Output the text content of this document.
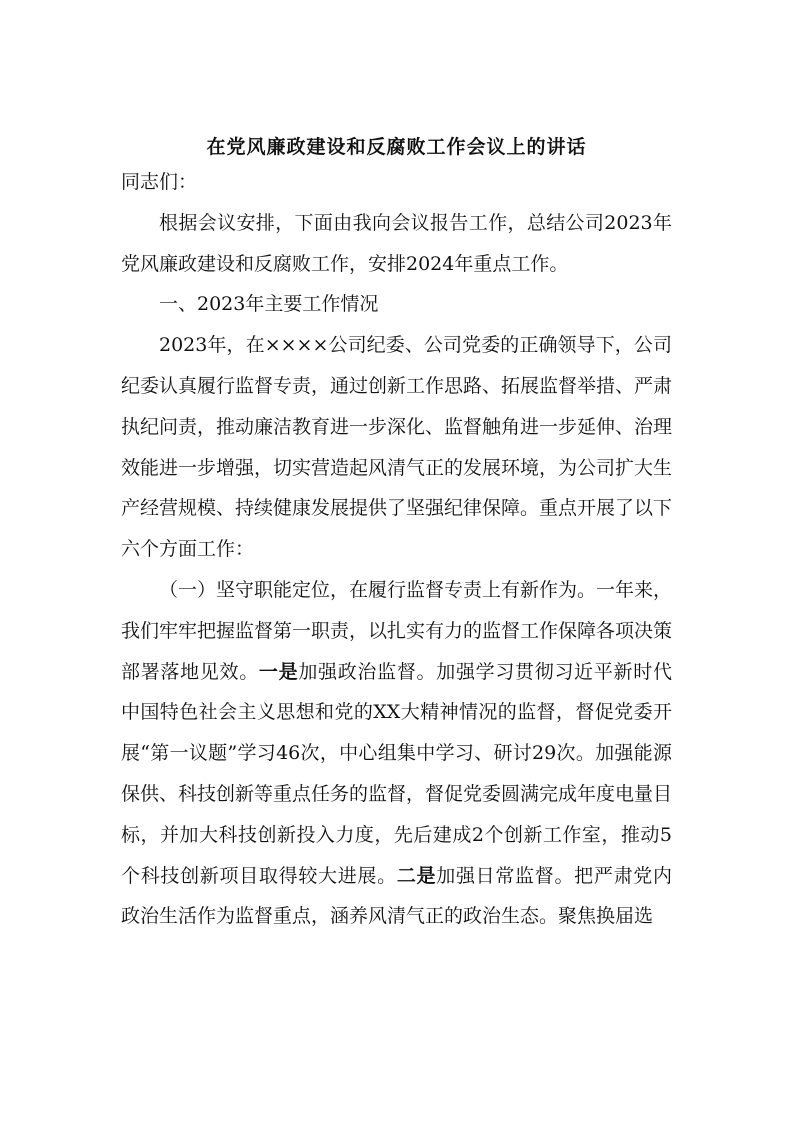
在党风廉政建设和反腐败工作会议上的讲话

同志们：

根据会议安排，下面由我向会议报告工作，总结公司2023年党风廉政建设和反腐败工作，安排2024年重点工作。

一、2023年主要工作情况

2023年，在××××公司纪委、公司党委的正确领导下，公司纪委认真履行监督专责，通过创新工作思路、拓展监督举措、严肃执纪问责，推动廉洁教育进一步深化、监督触角进一步延伸、治理效能进一步增强，切实营造起风清气正的发展环境，为公司扩大生产经营规模、持续健康发展提供了坚强纪律保障。重点开展了以下六个方面工作：

（一）坚守职能定位，在履行监督专责上有新作为。一年来，我们牢牢把握监督第一职责，以扎实有力的监督工作保障各项决策部署落地见效。一是加强政治监督。加强学习贯彻习近平新时代中国特色社会主义思想和党的XX大精神情况的监督，督促党委开展“第一议题”学习46次，中心组集中学习、研讨29次。加强能源保供、科技创新等重点任务的监督，督促党委圆满完成年度电量目标，并加大科技创新投入力度，先后建成2个创新工作室，推动5个科技创新项目取得较大进展。二是加强日常监督。把严肃党内政治生活作为监督重点，涵养风清气正的政治生态。聚焦换届选
